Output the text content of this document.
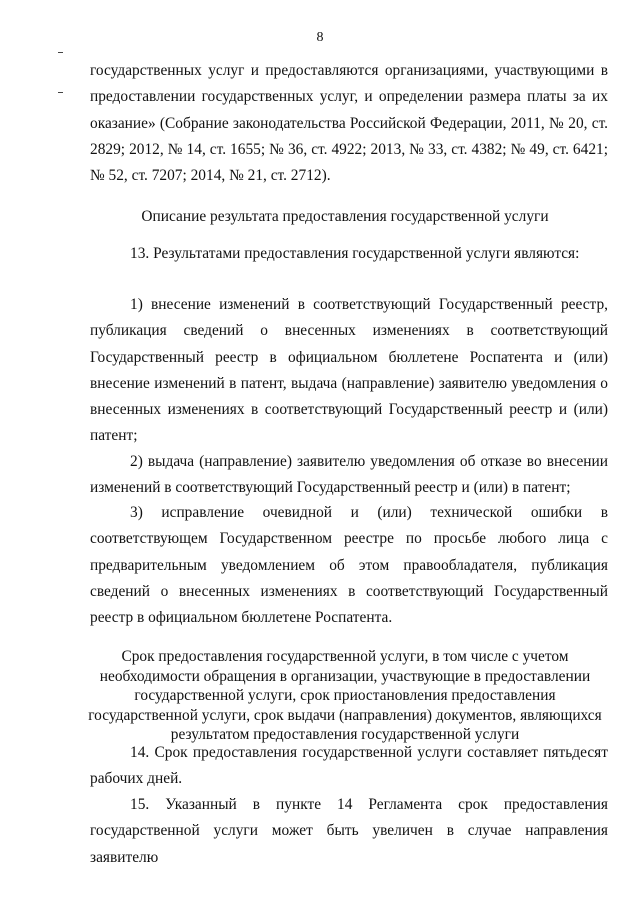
8

государственных услуг и предоставляются организациями, участвующими в предоставлении государственных услуг, и определении размера платы за их оказание» (Собрание законодательства Российской Федерации, 2011, № 20, ст. 2829; 2012, № 14, ст. 1655; № 36, ст. 4922; 2013, № 33, ст. 4382; № 49, ст. 6421; № 52, ст. 7207; 2014, № 21, ст. 2712).

Описание результата предоставления государственной услуги

13. Результатами предоставления государственной услуги являются:

1) внесение изменений в соответствующий Государственный реестр, публикация сведений о внесенных изменениях в соответствующий Государственный реестр в официальном бюллетене Роспатента и (или) внесение изменений в патент, выдача (направление) заявителю уведомления о внесенных изменениях в соответствующий Государственный реестр и (или) патент;

2) выдача (направление) заявителю уведомления об отказе во внесении изменений в соответствующий Государственный реестр и (или) в патент;

3) исправление очевидной и (или) технической ошибки в соответствующем Государственном реестре по просьбе любого лица с предварительным уведомлением об этом правообладателя, публикация сведений о внесенных изменениях в соответствующий Государственный реестр в официальном бюллетене Роспатента.

Срок предоставления государственной услуги, в том числе с учетом необходимости обращения в организации, участвующие в предоставлении государственной услуги, срок приостановления предоставления государственной услуги, срок выдачи (направления) документов, являющихся результатом предоставления государственной услуги

14. Срок предоставления государственной услуги составляет пятьдесят рабочих дней.

15. Указанный в пункте 14 Регламента срок предоставления государственной услуги может быть увеличен в случае направления заявителю
